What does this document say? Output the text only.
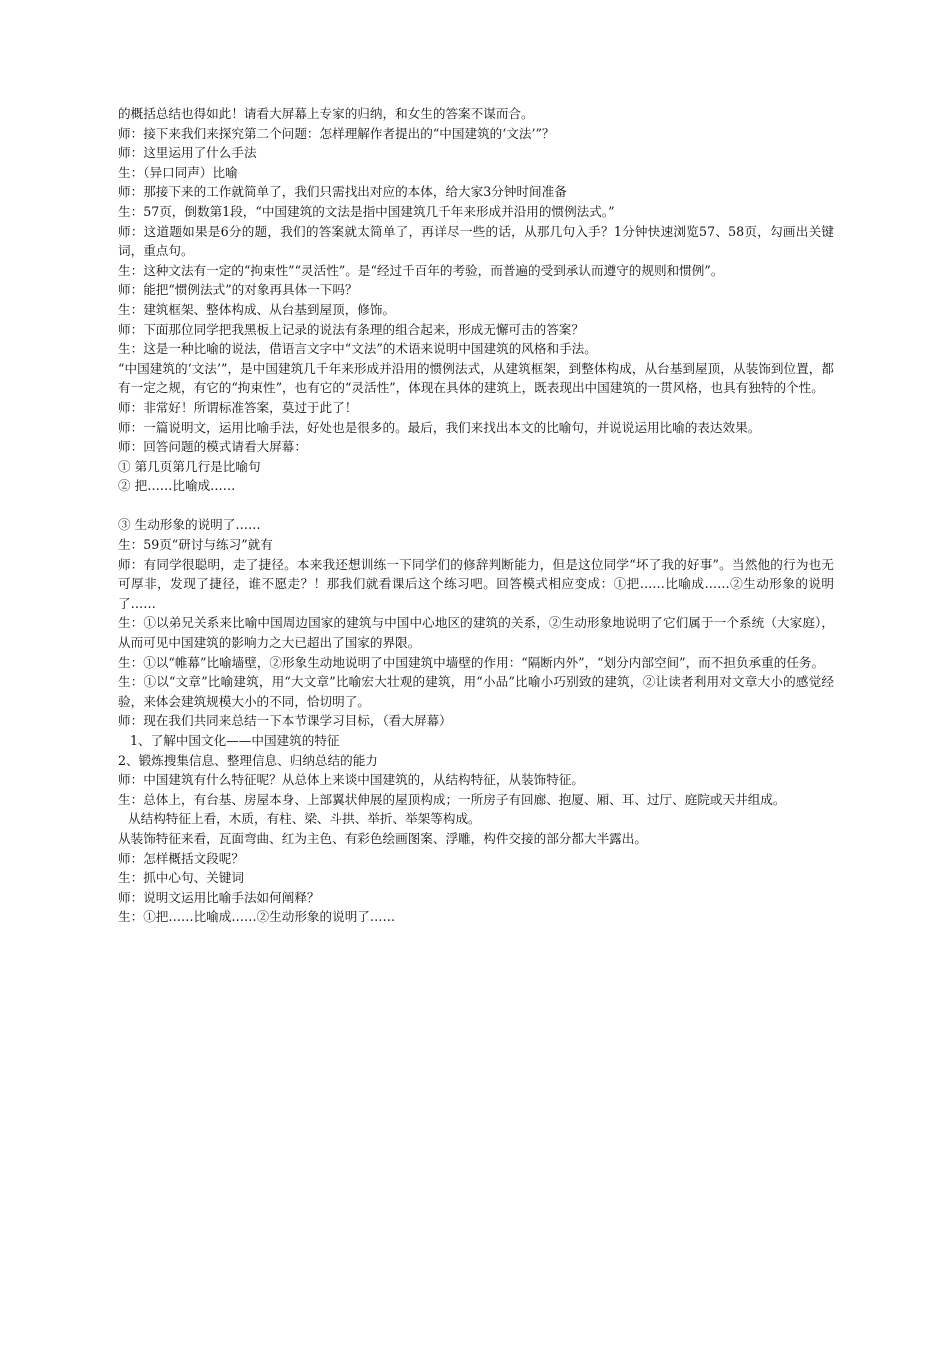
的概括总结也得如此！请看大屏幕上专家的归纳，和女生的答案不谋而合。

师：接下来我们来探究第二个问题：怎样理解作者提出的“中国建筑的‘文法’”？

师：这里运用了什么手法

生：（异口同声）比喻

师：那接下来的工作就简单了，我们只需找出对应的本体，给大家3分钟时间准备

生：57页，倒数第1段，“中国建筑的文法是指中国建筑几千年来形成并沿用的惯例法式。”

师：这道题如果是6分的题，我们的答案就太简单了，再详尽一些的话，从那几句入手？1分钟快速浏览57、58页，勾画出关键词，重点句。

生：这种文法有一定的“拘束性”“灵活性”。是“经过千百年的考验，而普遍的受到承认而遵守的规则和惯例”。

师：能把“惯例法式”的对象再具体一下吗？

生：建筑框架、整体构成、从台基到屋顶，修饰。

师：下面那位同学把我黑板上记录的说法有条理的组合起来，形成无懈可击的答案？

生：这是一种比喻的说法，借语言文字中“文法”的术语来说明中国建筑的风格和手法。

“中国建筑的‘文法’”，是中国建筑几千年来形成并沿用的惯例法式，从建筑框架，到整体构成，从台基到屋顶，从装饰到位置，都有一定之规，有它的“拘束性”，也有它的“灵活性”，体现在具体的建筑上，既表现出中国建筑的一贯风格，也具有独特的个性。

师：非常好！所谓标准答案，莫过于此了！

师：一篇说明文，运用比喻手法，好处也是很多的。最后，我们来找出本文的比喻句，并说说运用比喻的表达效果。

师：回答问题的模式请看大屏幕：

① 第几页第几行是比喻句

② 把……比喻成……

③ 生动形象的说明了……

生：59页“研讨与练习”就有

师：有同学很聪明，走了捷径。本来我还想训练一下同学们的修辞判断能力，但是这位同学“坏了我的好事”。当然他的行为也无可厚非，发现了捷径，谁不愿走？！那我们就看课后这个练习吧。回答模式相应变成：①把……比喻成……②生动形象的说明了……

生：①以弟兄关系来比喻中国周边国家的建筑与中国中心地区的建筑的关系，②生动形象地说明了它们属于一个系统（大家庭），从而可见中国建筑的影响力之大已超出了国家的界限。

生：①以“帷幕”比喻墙壁，②形象生动地说明了中国建筑中墙壁的作用：“隔断内外”，“划分内部空间”，而不担负承重的任务。

生：①以“文章”比喻建筑，用“大文章”比喻宏大壮观的建筑，用“小品”比喻小巧别致的建筑，②让读者利用对文章大小的感觉经验，来体会建筑规模大小的不同，恰切明了。

师：现在我们共同来总结一下本节课学习目标，（看大屏幕）

1、了解中国文化——中国建筑的特征

2、锻炼搜集信息、整理信息、归纳总结的能力

师：中国建筑有什么特征呢？从总体上来谈中国建筑的，从结构特征，从装饰特征。

生：总体上，有台基、房屋本身、上部翼状伸展的屋顶构成；一所房子有回廊、抱厦、厢、耳、过厅、庭院或天井组成。

从结构特征上看，木质，有柱、梁、斗拱、举折、举架等构成。

从装饰特征来看，瓦面弯曲、红为主色、有彩色绘画图案、浮雕，构件交接的部分都大半露出。

师：怎样概括文段呢？

生：抓中心句、关键词

师：说明文运用比喻手法如何阐释？

生：①把……比喻成……②生动形象的说明了……
